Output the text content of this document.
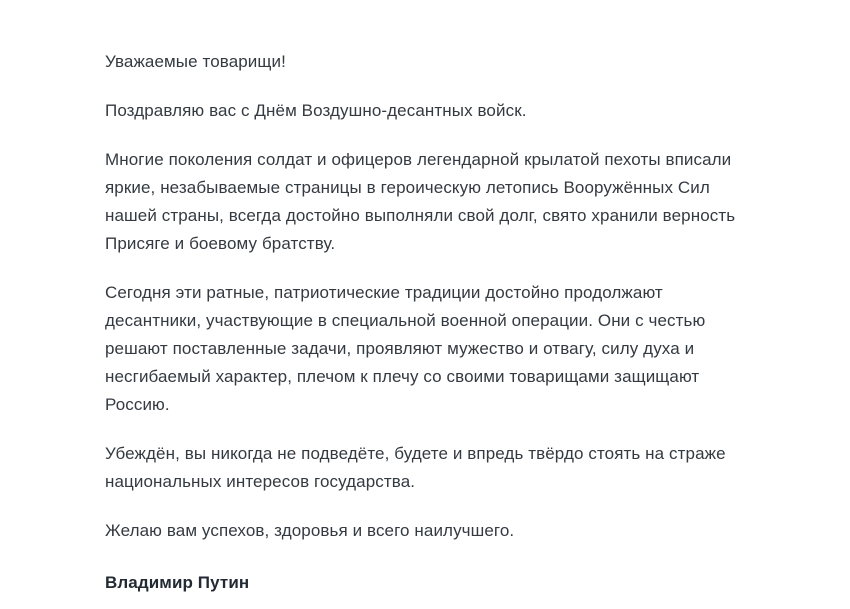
Уважаемые товарищи!

Поздравляю вас с Днём Воздушно-десантных войск.

Многие поколения солдат и офицеров легендарной крылатой пехоты вписали яркие, незабываемые страницы в героическую летопись Вооружённых Сил нашей страны, всегда достойно выполняли свой долг, свято хранили верность Присяге и боевому братству.

Сегодня эти ратные, патриотические традиции достойно продолжают десантники, участвующие в специальной военной операции. Они с честью решают поставленные задачи, проявляют мужество и отвагу, силу духа и несгибаемый характер, плечом к плечу со своими товарищами защищают Россию.

Убеждён, вы никогда не подведёте, будете и впредь твёрдо стоять на страже национальных интересов государства.

Желаю вам успехов, здоровья и всего наилучшего.

Владимир Путин
